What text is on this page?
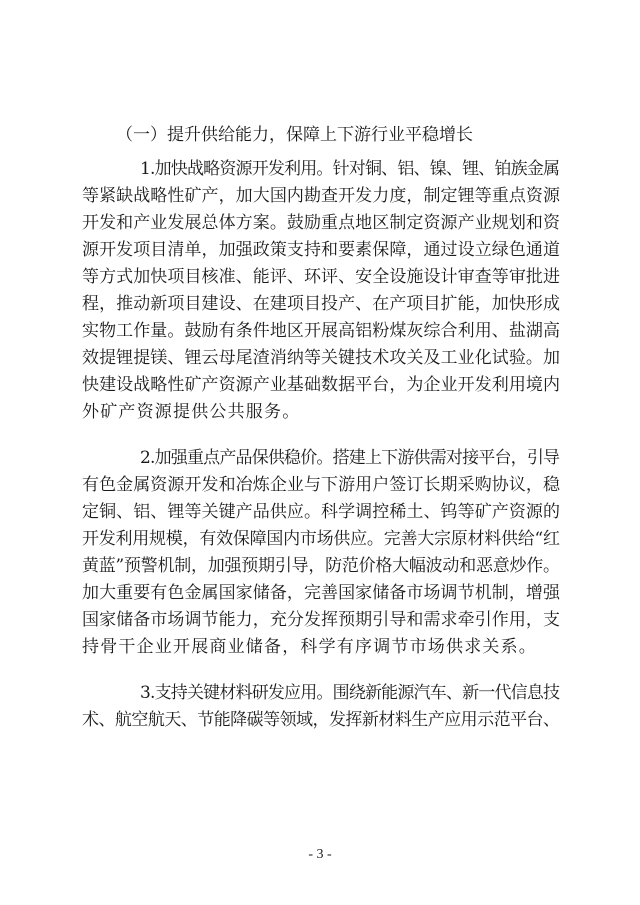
（一）提升供给能力，保障上下游行业平稳增长
1.加快战略资源开发利用。针对铜、铝、镍、锂、铂族金属
等紧缺战略性矿产，加大国内勘查开发力度，制定锂等重点资源
开发和产业发展总体方案。鼓励重点地区制定资源产业规划和资
源开发项目清单，加强政策支持和要素保障，通过设立绿色通道
等方式加快项目核准、能评、环评、安全设施设计审查等审批进
程，推动新项目建设、在建项目投产、在产项目扩能，加快形成
实物工作量。鼓励有条件地区开展高铝粉煤灰综合利用、盐湖高
效提锂提镁、锂云母尾渣消纳等关键技术攻关及工业化试验。加
快建设战略性矿产资源产业基础数据平台，为企业开发利用境内
外矿产资源提供公共服务。
2.加强重点产品保供稳价。搭建上下游供需对接平台，引导
有色金属资源开发和冶炼企业与下游用户签订长期采购协议，稳
定铜、铝、锂等关键产品供应。科学调控稀土、钨等矿产资源的
开发利用规模，有效保障国内市场供应。完善大宗原材料供给“红
黄蓝”预警机制，加强预期引导，防范价格大幅波动和恶意炒作。
加大重要有色金属国家储备，完善国家储备市场调节机制，增强
国家储备市场调节能力，充分发挥预期引导和需求牵引作用，支
持骨干企业开展商业储备，科学有序调节市场供求关系。
3.支持关键材料研发应用。围绕新能源汽车、新一代信息技
术、航空航天、节能降碳等领域，发挥新材料生产应用示范平台、
- 3 -
